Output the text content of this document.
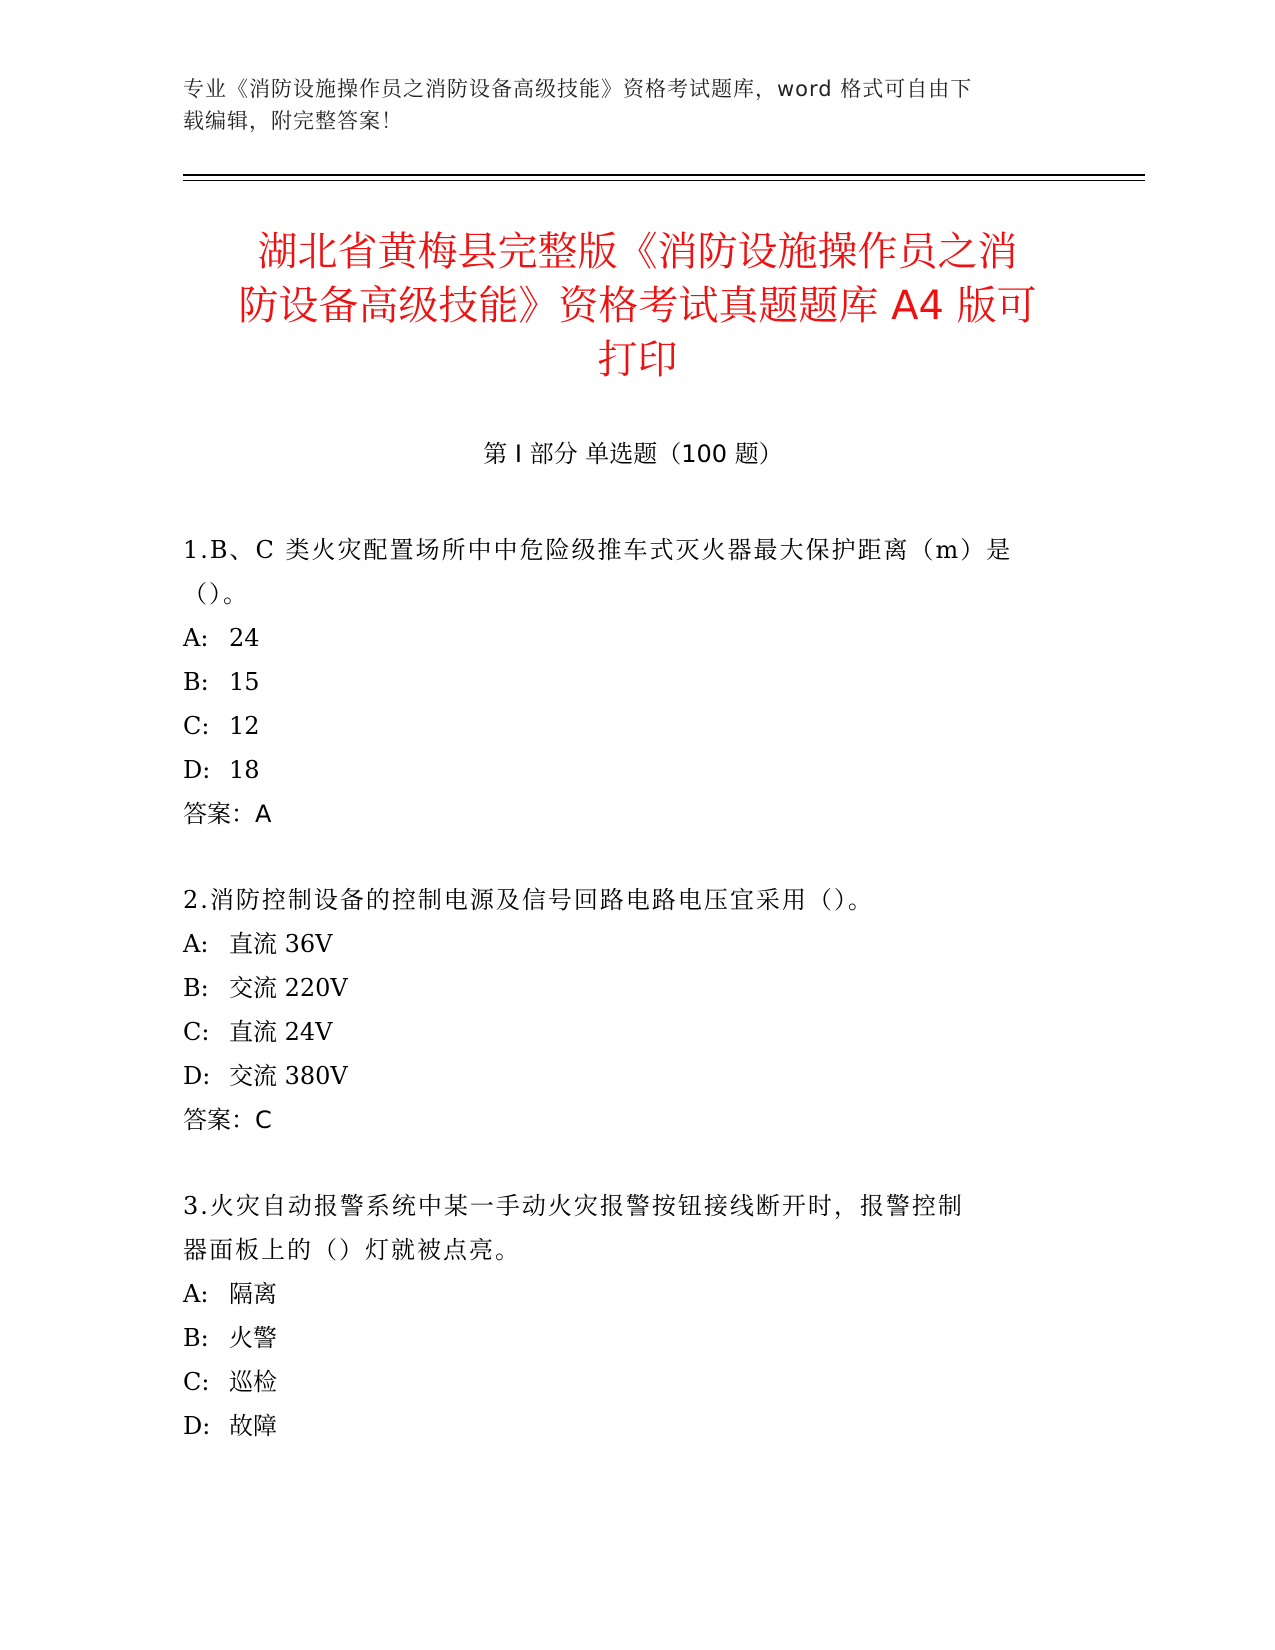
专业《消防设施操作员之消防设备高级技能》资格考试题库，word 格式可自由下
载编辑，附完整答案！
湖北省黄梅县完整版《消防设施操作员之消
防设备高级技能》资格考试真题题库 A4 版可
打印
第 I 部分 单选题（100 题）
1.B、C 类火灾配置场所中中危险级推车式灭火器最大保护距离（m）是
（）。
A: 24
B: 15
C: 12
D: 18
答案：A
2.消防控制设备的控制电源及信号回路电路电压宜采用（）。
A: 直流 36V
B: 交流 220V
C: 直流 24V
D: 交流 380V
答案：C
3.火灾自动报警系统中某一手动火灾报警按钮接线断开时，报警控制
器面板上的（）灯就被点亮。
A: 隔离
B: 火警
C: 巡检
D: 故障
